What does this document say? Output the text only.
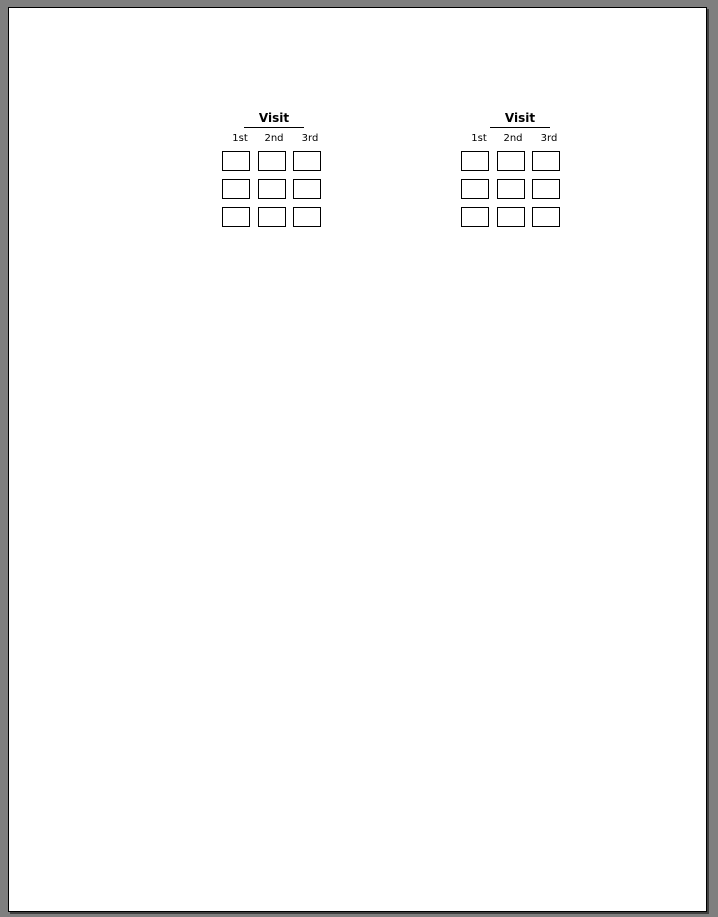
Visit
1st	2nd	3rd
Visit
1st	2nd	3rd
